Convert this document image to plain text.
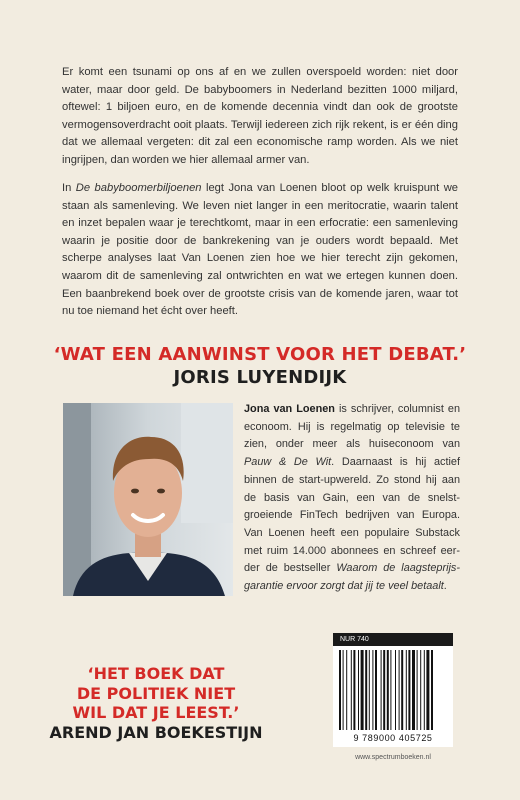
Er komt een tsunami op ons af en we zullen overspoeld worden: niet door water, maar door geld. De babyboomers in Nederland bezitten 1000 miljard, oftewel: 1 biljoen euro, en de komende decennia vindt dan ook de grootste vermogensoverdracht ooit plaats. Terwijl iedereen zich rijk rekent, is er één ding dat we allemaal vergeten: dit zal een economische ramp worden. Als we niet ingrijpen, dan worden we hier allemaal armer van.

In De babyboomerbiljoenen legt Jona van Loenen bloot op welk kruispunt we staan als samenleving. We leven niet langer in een meritocratie, waarin talent en inzet bepalen waar je terechtkomt, maar in een erfocratie: een samenleving waarin je positie door de bankrekening van je ouders wordt bepaald. Met scherpe analyses laat Van Loenen zien hoe we hier terecht zijn gekomen, waarom dit de samenleving zal ontwrichten en wat we ertegen kunnen doen. Een baanbrekend boek over de grootste crisis van de komende jaren, waar tot nu toe niemand het écht over heeft.

‘WAT EEN AANWINST VOOR HET DEBAT.’
JORIS LUYENDIJK

Jona van Loenen is schrijver, columnist en econoom. Hij is regelmatig op televisie te zien, onder meer als huiseconoom van Pauw & De Wit. Daarnaast is hij actief binnen de start-upwereld. Zo stond hij aan de basis van Gain, een van de snelstgroeiende FinTech bedrijven van Europa. Van Loenen heeft een populaire Substack met ruim 14.000 abonnees en schreef eerder de bestseller Waarom de laagsteprijsgarantie ervoor zorgt dat jij te veel betaalt.

‘HET BOEK DAT
DE POLITIEK NIET
WIL DAT JE LEEST.’
AREND JAN BOEKESTIJN
NUR 740
9 789000 405725
www.spectrumboeken.nl
